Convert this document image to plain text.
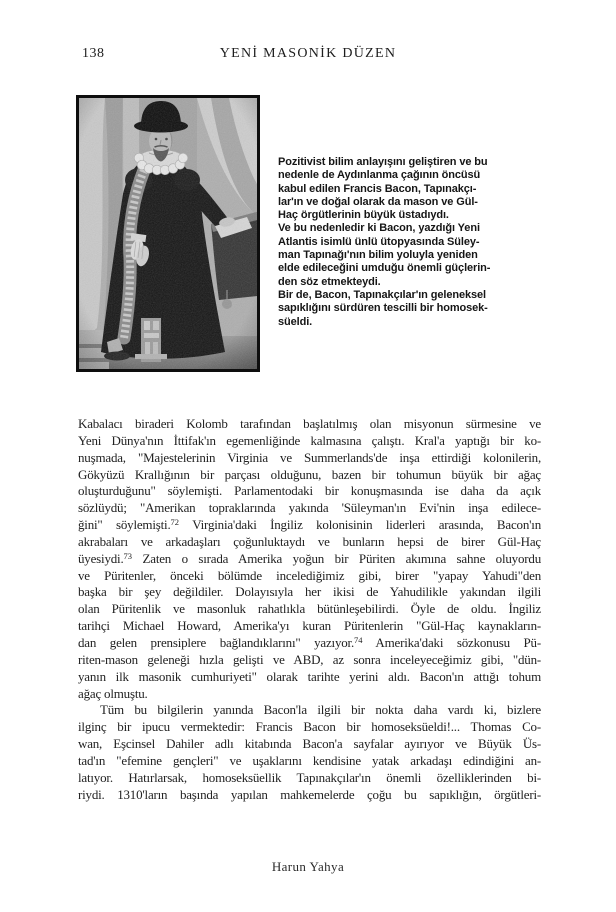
138	YENİ MASONİK DÜZEN
Pozitivist bilim anlayışını geliştiren ve bu
nedenle de Aydınlanma çağının öncüsü
kabul edilen Francis Bacon, Tapınakçı-
lar'ın ve doğal olarak da mason ve Gül-
Haç örgütlerinin büyük üstadıydı.
Ve bu nedenledir ki Bacon, yazdığı Yeni
Atlantis isimlü ünlü ütopyasında Süley-
man Tapınağı'nın bilim yoluyla yeniden
elde edileceğini umduğu önemli güçlerin-
den söz etmekteydi.
Bir de, Bacon, Tapınakçılar'ın geleneksel
sapıklığını sürdüren tescilli bir homosek-
süeldi.
Kabalacı biraderi Kolomb tarafından başlatılmış olan misyonun sürmesine ve
Yeni Dünya'nın İttifak'ın egemenliğinde kalmasına çalıştı. Kral'a yaptığı bir ko-
nuşmada, "Majestelerinin Virginia ve Summerlands'de inşa ettirdiği kolonilerin,
Gökyüzü Krallığının bir parçası olduğunu, bazen bir tohumun büyük bir ağaç
oluşturduğunu" söylemişti. Parlamentodaki bir konuşmasında ise daha da açık
sözlüydü; "Amerikan topraklarında yakında 'Süleyman'ın Evi'nin inşa edilece-
ğini" söylemişti.$^{72}$ Virginia'daki İngiliz kolonisinin liderleri arasında, Bacon'ın
akrabaları ve arkadaşları çoğunluktaydı ve bunların hepsi de birer Gül-Haç
üyesiydi.$^{73}$ Zaten o sırada Amerika yoğun bir Püriten akımına sahne oluyordu
ve Püritenler, önceki bölümde incelediğimiz gibi, birer "yapay Yahudi"den
başka bir şey değildiler. Dolayısıyla her ikisi de Yahudilikle yakından ilgili
olan Püritenlik ve masonluk rahatlıkla bütünleşebilirdi. Öyle de oldu. İngiliz
tarihçi Michael Howard, Amerika'yı kuran Püritenlerin "Gül-Haç kaynakların-
dan gelen prensiplere bağlandıklarını" yazıyor.$^{74}$ Amerika'daki sözkonusu Pü-
riten-mason geleneği hızla gelişti ve ABD, az sonra inceleyeceğimiz gibi, "dün-
yanın ilk masonik cumhuriyeti" olarak tarihte yerini aldı. Bacon'ın attığı tohum
ağaç olmuştu.
Tüm bu bilgilerin yanında Bacon'la ilgili bir nokta daha vardı ki, bizlere
ilginç bir ipucu vermektedir: Francis Bacon bir homoseksüeldi!... Thomas Co-
wan, Eşcinsel Dahiler adlı kitabında Bacon'a sayfalar ayırıyor ve Büyük Üs-
tad'ın "efemine gençleri" ve uşaklarını kendisine yatak arkadaşı edindiğini an-
latıyor. Hatırlarsak, homoseksüellik Tapınakçılar'ın önemli özelliklerinden bi-
riydi. 1310'ların başında yapılan mahkemelerde çoğu bu sapıklığın, örgütleri-
Harun Yahya
